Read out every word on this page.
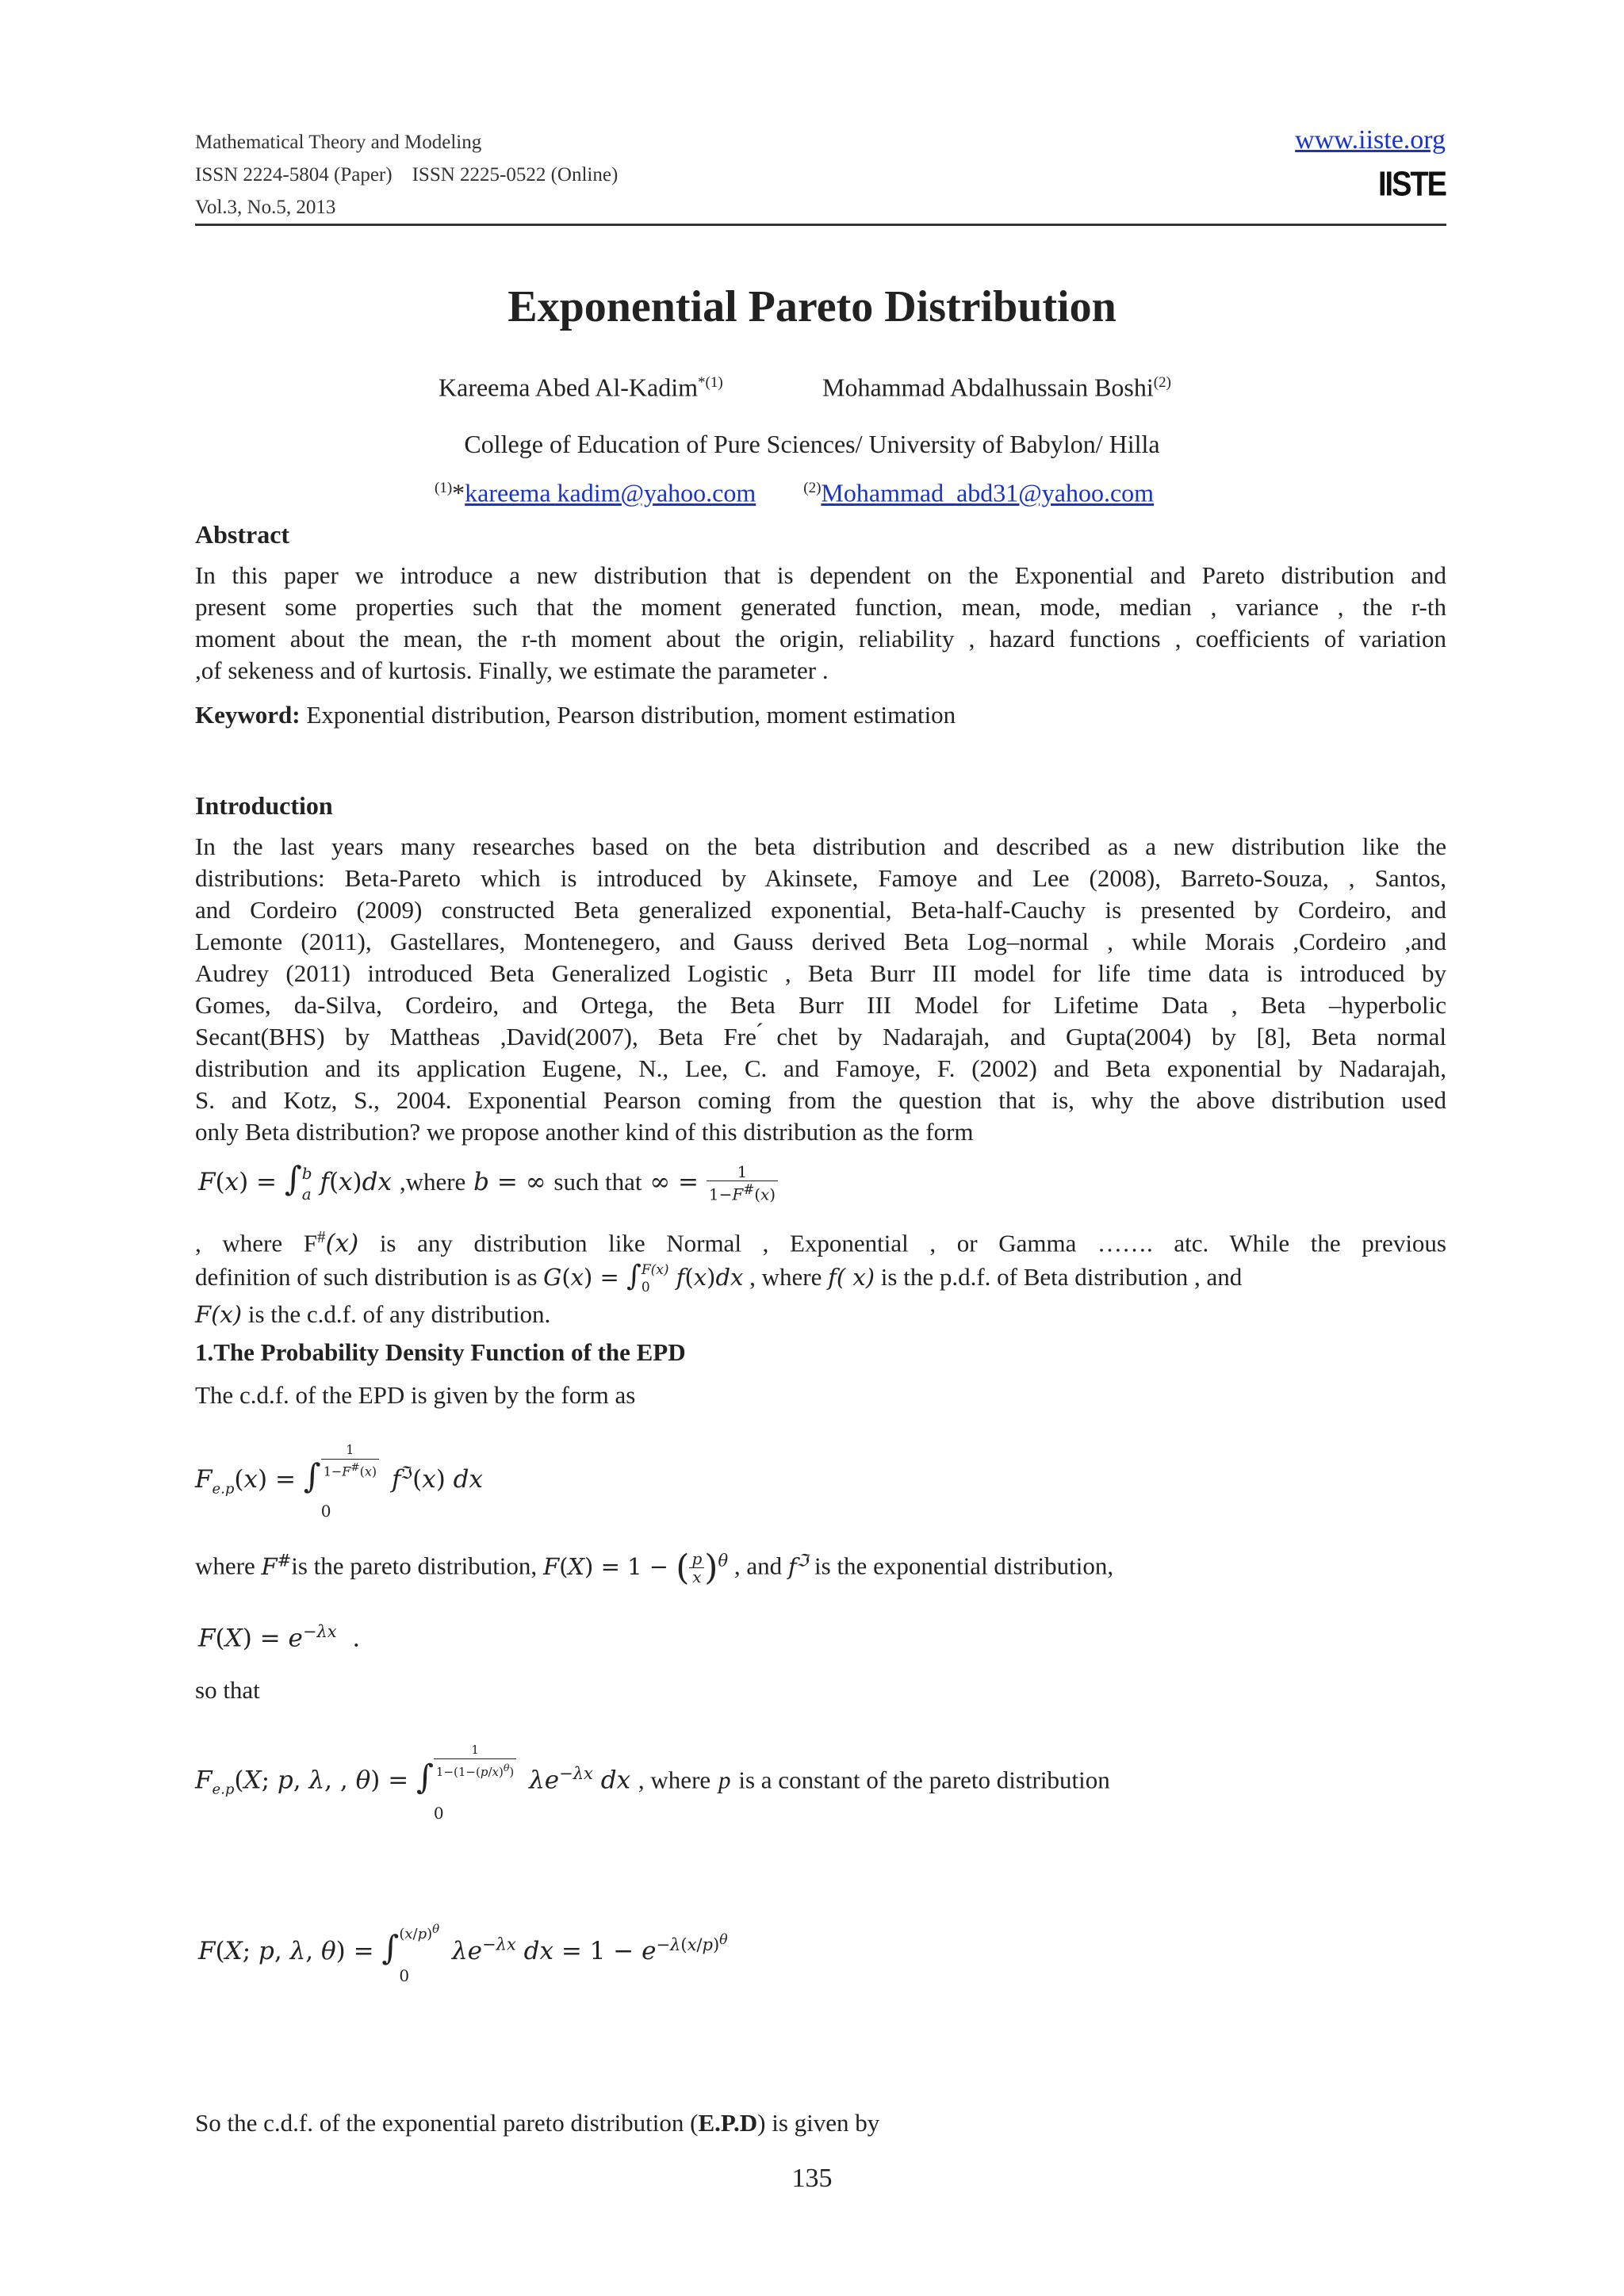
Mathematical Theory and Modeling
ISSN 2224-5804 (Paper)    ISSN 2225-0522 (Online)
Vol.3, No.5, 2013
www.iiste.org
IISTE
Exponential Pareto Distribution
Kareema Abed Al-Kadim$^{*(1)}$	Mohammad Abdalhussain Boshi$^{(2)}$
College of Education of Pure Sciences/ University of Babylon/ Hilla
$^{(1)}$*kareema kadim@yahoo.com	$^{(2)}$Mohammad_abd31@yahoo.com
Abstract
In this paper we introduce a new distribution that is dependent on the Exponential and Pareto distribution and
present some properties such that the moment generated function, mean, mode, median , variance , the r-th
moment about the mean, the r-th moment about the origin, reliability , hazard functions , coefficients of variation
,of sekeness and of kurtosis. Finally, we estimate the parameter .
Keyword: Exponential distribution, Pearson distribution, moment estimation
Introduction
In the last years many researches based on the beta distribution and described as a new distribution like the
distributions: Beta-Pareto which is introduced by Akinsete, Famoye and Lee (2008), Barreto-Souza, , Santos,
and Cordeiro (2009) constructed Beta generalized exponential, Beta-half-Cauchy is presented by Cordeiro, and
Lemonte (2011), Gastellares, Montenegero, and Gauss derived Beta Log–normal , while Morais ,Cordeiro ,and
Audrey (2011) introduced Beta Generalized Logistic , Beta Burr III model for life time data is introduced by
Gomes, da-Silva, Cordeiro, and Ortega, the Beta Burr III Model for Lifetime Data , Beta –hyperbolic
Secant(BHS) by Mattheas ,David(2007), Beta Fre ́chet by Nadarajah, and Gupta(2004) by [8], Beta normal
distribution and its application Eugene, N., Lee, C. and Famoye, F. (2002) and Beta exponential by Nadarajah,
S. and Kotz, S., 2004. Exponential Pearson coming from the question that is, why the above distribution used
only Beta distribution? we propose another kind of this distribution as the form
F(x) = ∫ b
a f(x)dx ,where b = ∞ such that ∞ = $\frac{1}{1-F^{\#}(x)}$
, where F#(x) is any distribution like Normal , Exponential , or Gamma ……. atc. While the previous
definition of such distribution is as G(x) = ∫ F(x)
0	f(x)dx , where f( x) is the p.d.f. of Beta distribution , and
F(x) is the c.d.f. of any distribution.
1.The Probability Density Function of the EPD
The c.d.f. of the EPD is given by the form as
$F_{e.p}(x)$ = ∫
1
1−F#(x)
0
$f^ℑ(x)$ dx
where F#is the pareto distribution, F(X) = 1 − ( $\frac{p}{x} )^\theta$ , and $f^ℑ$ is the exponential distribution,
$F(X) = e^{-\lambda x}$  .
so that
$F_{e.p}(X$; p, λ, , θ) = ∫
1
$1-(1-(p/x)^\theta)$
0
$\lambda e^{-\lambda x}$ dx , where p is a constant of the pareto distribution
F(X; p, λ, θ) = ∫ $(x/p)^\theta$
0
$\lambda e^{-\lambda x}$ dx = $1 - e^{-\lambda(x/p)^\theta}$
So the c.d.f. of the exponential pareto distribution (E.P.D) is given by
135
